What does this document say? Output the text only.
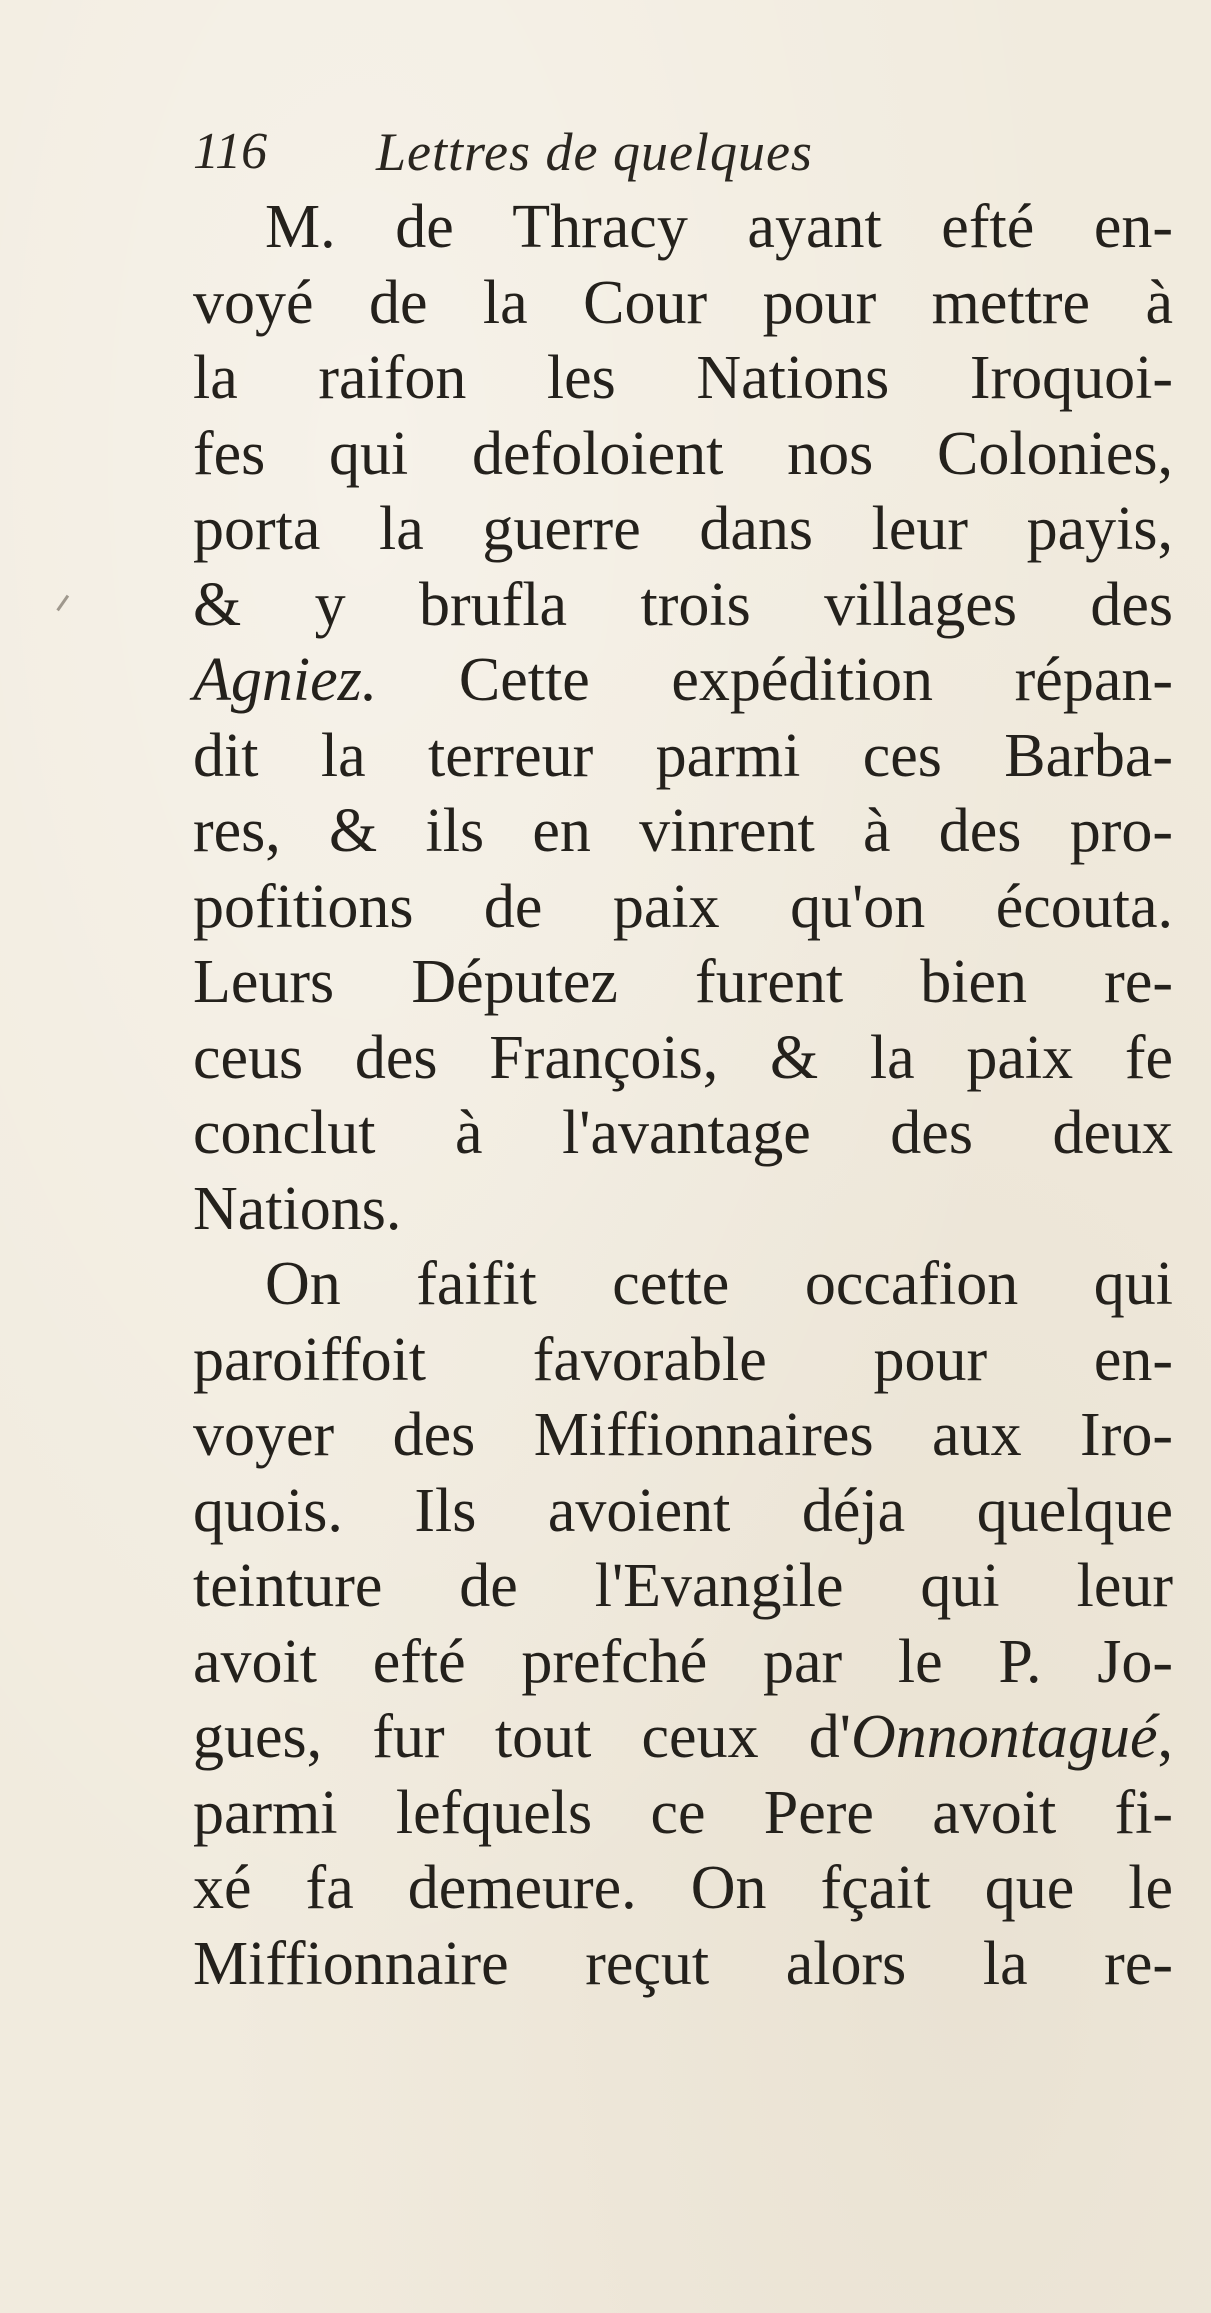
116 Lettres de quelques
M. de Thracy ayant efté en-
voyé de la Cour pour mettre à
la raifon les Nations Iroquoi-
fes qui defoloient nos Colonies,
porta la guerre dans leur payis,
& y brufla trois villages des
Agniez. Cette expédition répan-
dit la terreur parmi ces Barba-
res, & ils en vinrent à des pro-
pofitions de paix qu'on écouta.
Leurs Députez furent bien re-
ceus des François, & la paix fe
conclut à l'avantage des deux
Nations.
On faifit cette occafion qui
paroiffoit favorable pour en-
voyer des Miffionnaires aux Iro-
quois. Ils avoient déja quelque
teinture de l'Evangile qui leur
avoit efté prefché par le P. Jo-
gues, fur tout ceux d'Onnontagué,
parmi lefquels ce Pere avoit fi-
xé fa demeure. On fçait que le
Miffionnaire reçut alors la re-
